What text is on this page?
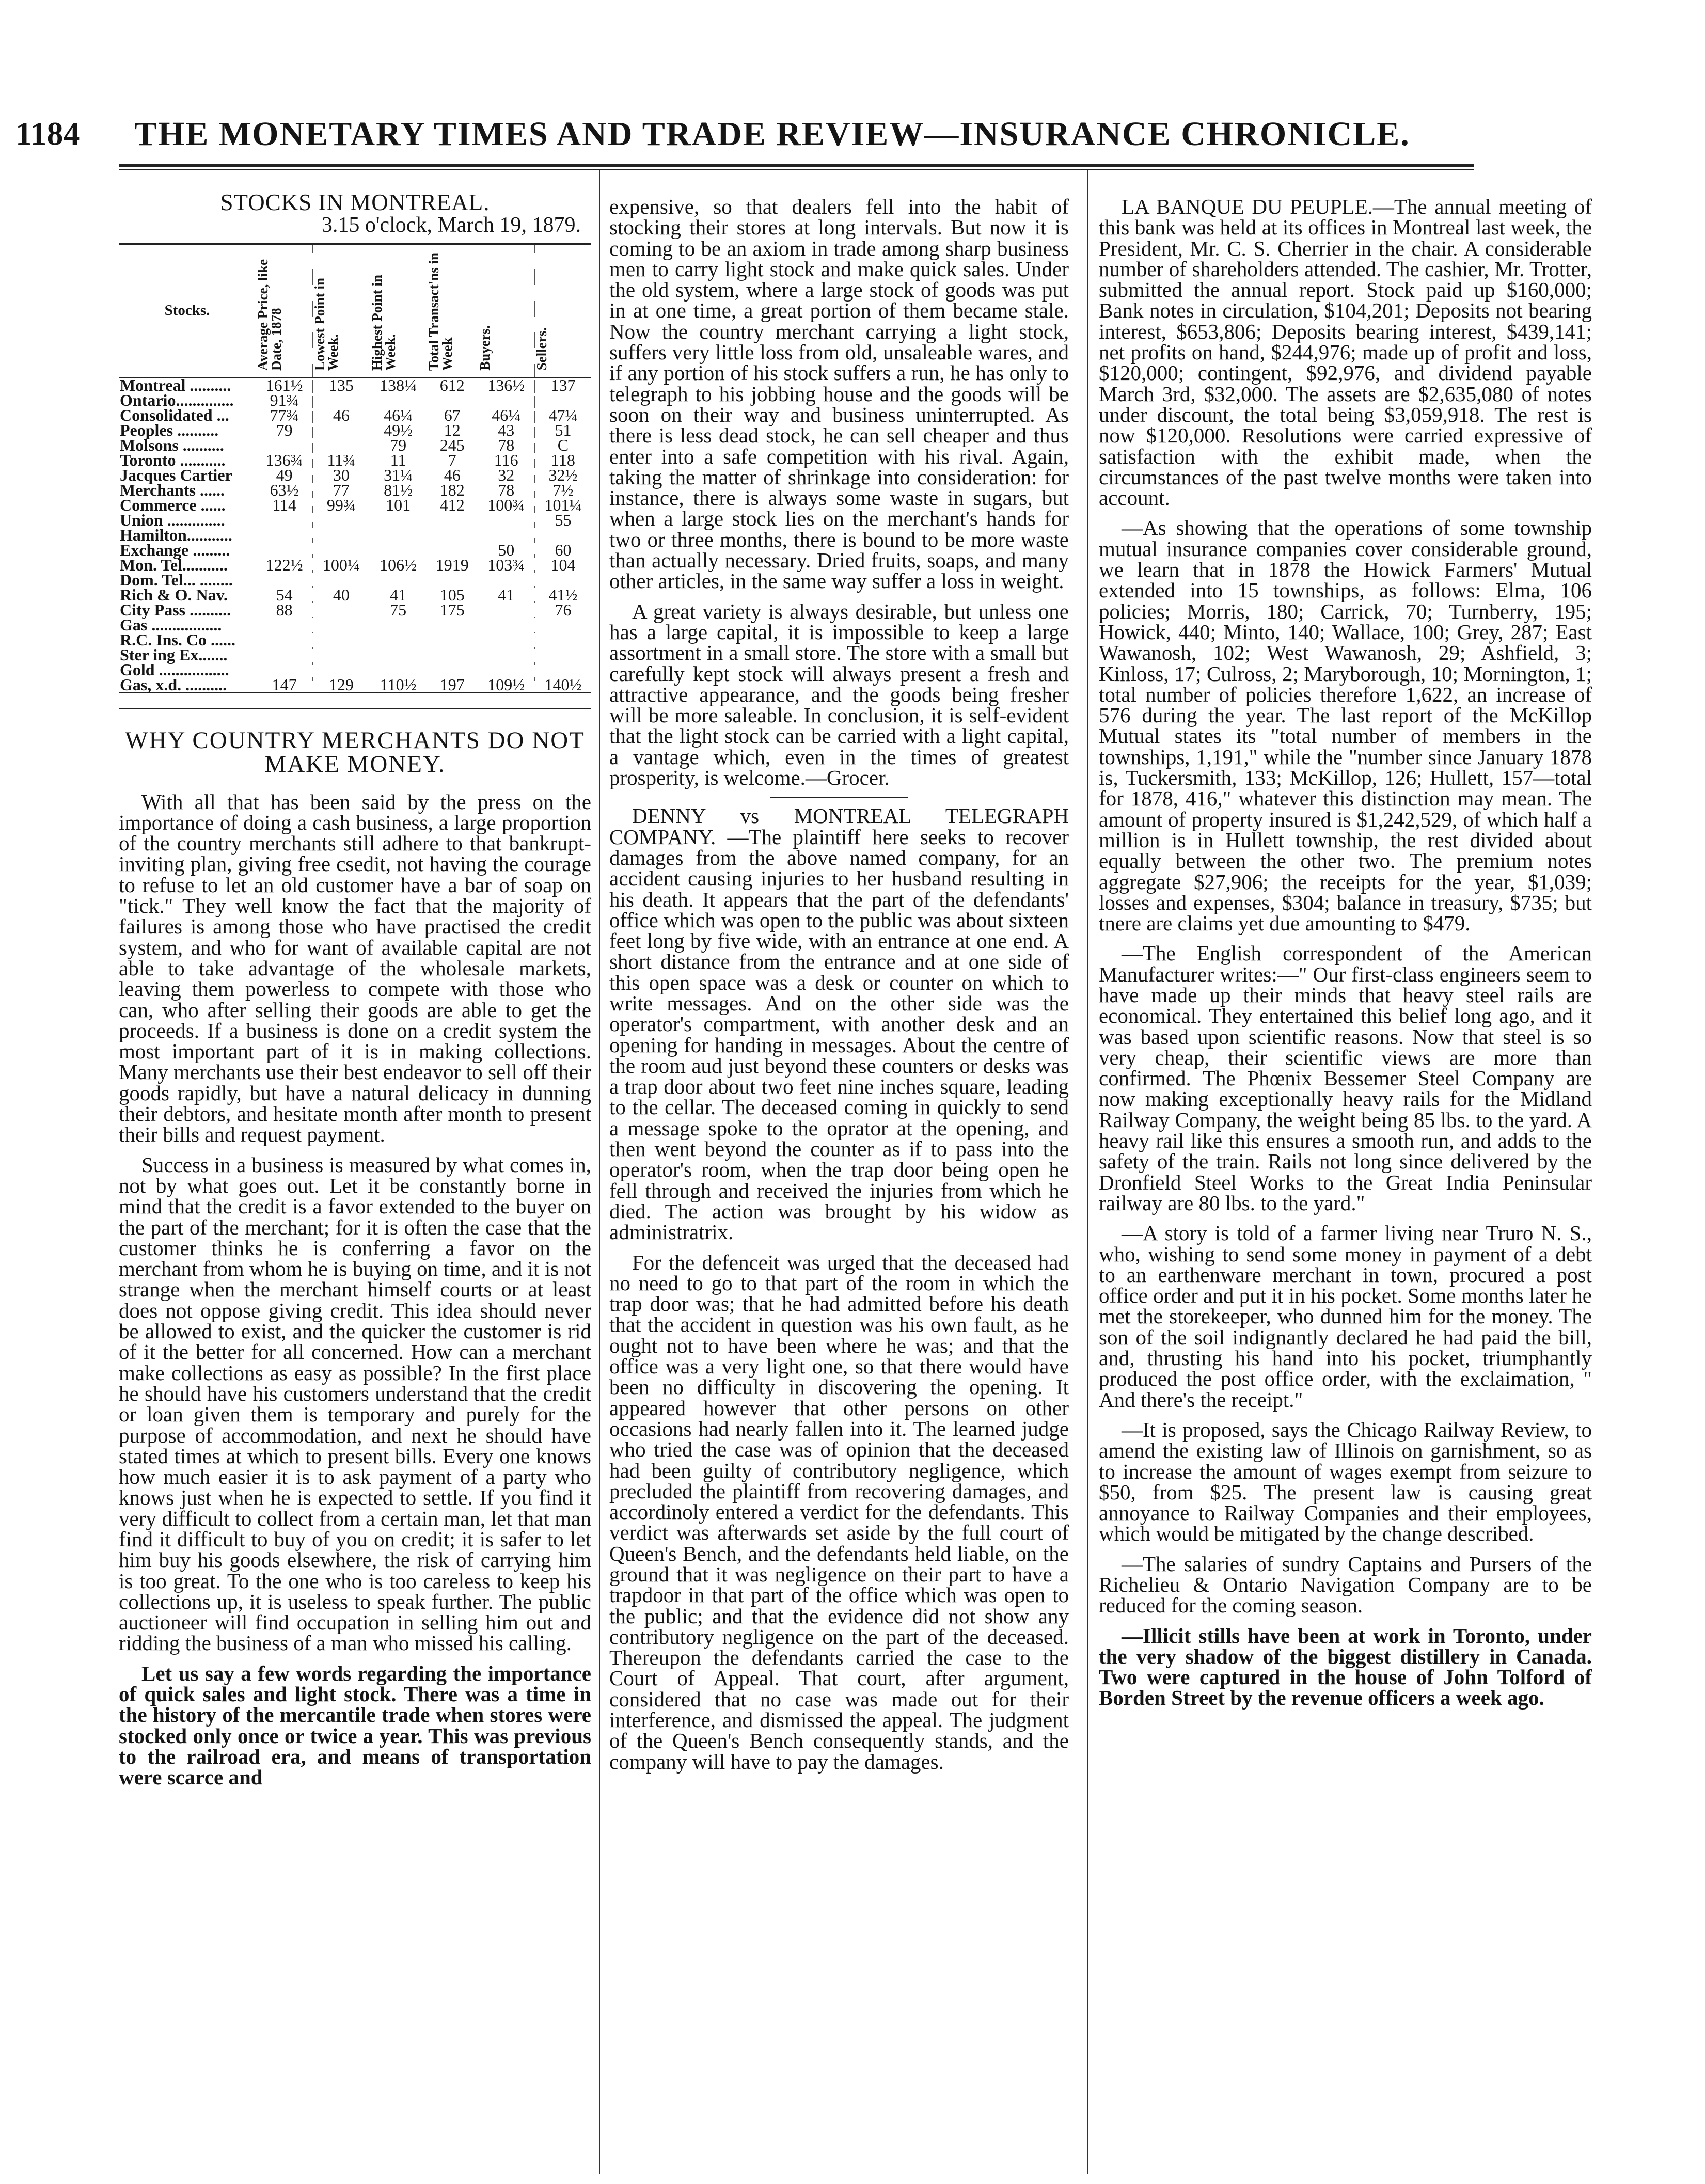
1184 THE MONETARY TIMES AND TRADE REVIEW—INSURANCE CHRONICLE.
STOCKS IN MONTREAL.
3.15 o'clock, March 19, 1879.
Stocks.	Average Price, like Date, 1878	Lowest Point in Week.	Highest Point in Week.	Total Transact'ns in Week	Buyers.	Sellers.
Montreal ..........	161½	135	138¼	612	136½	137
Ontario..............	91¾					
Consolidated ...	77¾	46	46¼	67	46¼	47¼
Peoples ..........	79		49½	12	43	51
Molsons ..........			79	245	78	C
Toronto ...........	136¾	11¾	11	7	116	118
Jacques Cartier	49	30	31¼	46	32	32½
Merchants ......	63½	77	81½	182	78	7½
Commerce ......	114	99¾	101	412	100¾	101¼
Union ..............						55
Hamilton...........						
Exchange .........					50	60
Mon. Tel...........	122½	100¼	106½	1919	103¾	104
Dom. Tel... ........						
Rich & O. Nav.	54	40	41	105	41	41½
City Pass ..........	88		75	175		76
Gas .................						
R.C. Ins. Co ......						
Ster ing Ex.......						
Gold .................						
Gas, x.d. ..........	147	129	110½	197	109½	140½
WHY COUNTRY MERCHANTS DO NOT MAKE MONEY.

With all that has been said by the press on the importance of doing a cash business, a large proportion of the country merchants still adhere to that bankrupt-inviting plan, giving free csedit, not having the courage to refuse to let an old customer have a bar of soap on "tick." They well know the fact that the majority of failures is among those who have practised the credit system, and who for want of available capital are not able to take advantage of the wholesale markets, leaving them powerless to compete with those who can, who after selling their goods are able to get the proceeds. If a business is done on a credit system the most important part of it is in making collections. Many merchants use their best endeavor to sell off their goods rapidly, but have a natural delicacy in dunning their debtors, and hesitate month after month to present their bills and request payment.

Success in a business is measured by what comes in, not by what goes out. Let it be constantly borne in mind that the credit is a favor extended to the buyer on the part of the merchant; for it is often the case that the customer thinks he is conferring a favor on the merchant from whom he is buying on time, and it is not strange when the merchant himself courts or at least does not oppose giving credit. This idea should never be allowed to exist, and the quicker the customer is rid of it the better for all concerned. How can a merchant make collections as easy as possible? In the first place he should have his customers understand that the credit or loan given them is temporary and purely for the purpose of accommodation, and next he should have stated times at which to present bills. Every one knows how much easier it is to ask payment of a party who knows just when he is expected to settle. If you find it very difficult to collect from a certain man, let that man find it difficult to buy of you on credit; it is safer to let him buy his goods elsewhere, the risk of carrying him is too great. To the one who is too careless to keep his collections up, it is useless to speak further. The public auctioneer will find occupation in selling him out and ridding the business of a man who missed his calling.

Let us say a few words regarding the importance of quick sales and light stock. There was a time in the history of the mercantile trade when stores were stocked only once or twice a year. This was previous to the railroad era, and means of transportation were scarce and

expensive, so that dealers fell into the habit of stocking their stores at long intervals. But now it is coming to be an axiom in trade among sharp business men to carry light stock and make quick sales. Under the old system, where a large stock of goods was put in at one time, a great portion of them became stale. Now the country merchant carrying a light stock, suffers very little loss from old, unsaleable wares, and if any portion of his stock suffers a run, he has only to telegraph to his jobbing house and the goods will be soon on their way and business uninterrupted. As there is less dead stock, he can sell cheaper and thus enter into a safe competition with his rival. Again, taking the matter of shrinkage into consideration: for instance, there is always some waste in sugars, but when a large stock lies on the merchant's hands for two or three months, there is bound to be more waste than actually necessary. Dried fruits, soaps, and many other articles, in the same way suffer a loss in weight.

A great variety is always desirable, but unless one has a large capital, it is impossible to keep a large assortment in a small store. The store with a small but carefully kept stock will always present a fresh and attractive appearance, and the goods being fresher will be more saleable. In conclusion, it is self-evident that the light stock can be carried with a light capital, a vantage which, even in the times of greatest prosperity, is welcome.—Grocer.

DENNY vs MONTREAL TELEGRAPH COMPANY. —The plaintiff here seeks to recover damages from the above named company, for an accident causing injuries to her husband resulting in his death. It appears that the part of the defendants' office which was open to the public was about sixteen feet long by five wide, with an entrance at one end. A short distance from the entrance and at one side of this open space was a desk or counter on which to write messages. And on the other side was the operator's compartment, with another desk and an opening for handing in messages. About the centre of the room aud just beyond these counters or desks was a trap door about two feet nine inches square, leading to the cellar. The deceased coming in quickly to send a message spoke to the oprator at the opening, and then went beyond the counter as if to pass into the operator's room, when the trap door being open he fell through and received the injuries from which he died. The action was brought by his widow as administratrix.

For the defenceit was urged that the deceased had no need to go to that part of the room in which the trap door was; that he had admitted before his death that the accident in question was his own fault, as he ought not to have been where he was; and that the office was a very light one, so that there would have been no difficulty in discovering the opening. It appeared however that other persons on other occasions had nearly fallen into it. The learned judge who tried the case was of opinion that the deceased had been guilty of contributory negligence, which precluded the plaintiff from recovering damages, and accordinoly entered a verdict for the defendants. This verdict was afterwards set aside by the full court of Queen's Bench, and the defendants held liable, on the ground that it was negligence on their part to have a trapdoor in that part of the office which was open to the public; and that the evidence did not show any contributory negligence on the part of the deceased. Thereupon the defendants carried the case to the Court of Appeal. That court, after argument, considered that no case was made out for their interference, and dismissed the appeal. The judgment of the Queen's Bench consequently stands, and the company will have to pay the damages.

LA BANQUE DU PEUPLE.—The annual meeting of this bank was held at its offices in Montreal last week, the President, Mr. C. S. Cherrier in the chair. A considerable number of shareholders attended. The cashier, Mr. Trotter, submitted the annual report. Stock paid up $160,000; Bank notes in circulation, $104,201; Deposits not bearing interest, $653,806; Deposits bearing interest, $439,141; net profits on hand, $244,976; made up of profit and loss, $120,000; contingent, $92,976, and dividend payable March 3rd, $32,000. The assets are $2,635,080 of notes under discount, the total being $3,059,918. The rest is now $120,000. Resolutions were carried expressive of satisfaction with the exhibit made, when the circumstances of the past twelve months were taken into account.

—As showing that the operations of some township mutual insurance companies cover considerable ground, we learn that in 1878 the Howick Farmers' Mutual extended into 15 townships, as follows: Elma, 106 policies; Morris, 180; Carrick, 70; Turnberry, 195; Howick, 440; Minto, 140; Wallace, 100; Grey, 287; East Wawanosh, 102; West Wawanosh, 29; Ashfield, 3; Kinloss, 17; Culross, 2; Maryborough, 10; Mornington, 1; total number of policies therefore 1,622, an increase of 576 during the year. The last report of the McKillop Mutual states its "total number of members in the townships, 1,191," while the "number since January 1878 is, Tuckersmith, 133; McKillop, 126; Hullett, 157—total for 1878, 416," whatever this distinction may mean. The amount of property insured is $1,242,529, of which half a million is in Hullett township, the rest divided about equally between the other two. The premium notes aggregate $27,906; the receipts for the year, $1,039; losses and expenses, $304; balance in treasury, $735; but tnere are claims yet due amounting to $479.

—The English correspondent of the American Manufacturer writes:—" Our first-class engineers seem to have made up their minds that heavy steel rails are economical. They entertained this belief long ago, and it was based upon scientific reasons. Now that steel is so very cheap, their scientific views are more than confirmed. The Phœnix Bessemer Steel Company are now making exceptionally heavy rails for the Midland Railway Company, the weight being 85 lbs. to the yard. A heavy rail like this ensures a smooth run, and adds to the safety of the train. Rails not long since delivered by the Dronfield Steel Works to the Great India Peninsular railway are 80 lbs. to the yard."

—A story is told of a farmer living near Truro N. S., who, wishing to send some money in payment of a debt to an earthenware merchant in town, procured a post office order and put it in his pocket. Some months later he met the storekeeper, who dunned him for the money. The son of the soil indignantly declared he had paid the bill, and, thrusting his hand into his pocket, triumphantly produced the post office order, with the exclaimation, " And there's the receipt."

—It is proposed, says the Chicago Railway Review, to amend the existing law of Illinois on garnishment, so as to increase the amount of wages exempt from seizure to $50, from $25. The present law is causing great annoyance to Railway Companies and their employees, which would be mitigated by the change described.

—The salaries of sundry Captains and Pursers of the Richelieu & Ontario Navigation Company are to be reduced for the coming season.

—Illicit stills have been at work in Toronto, under the very shadow of the biggest distillery in Canada. Two were captured in the house of John Tolford of Borden Street by the revenue officers a week ago.
